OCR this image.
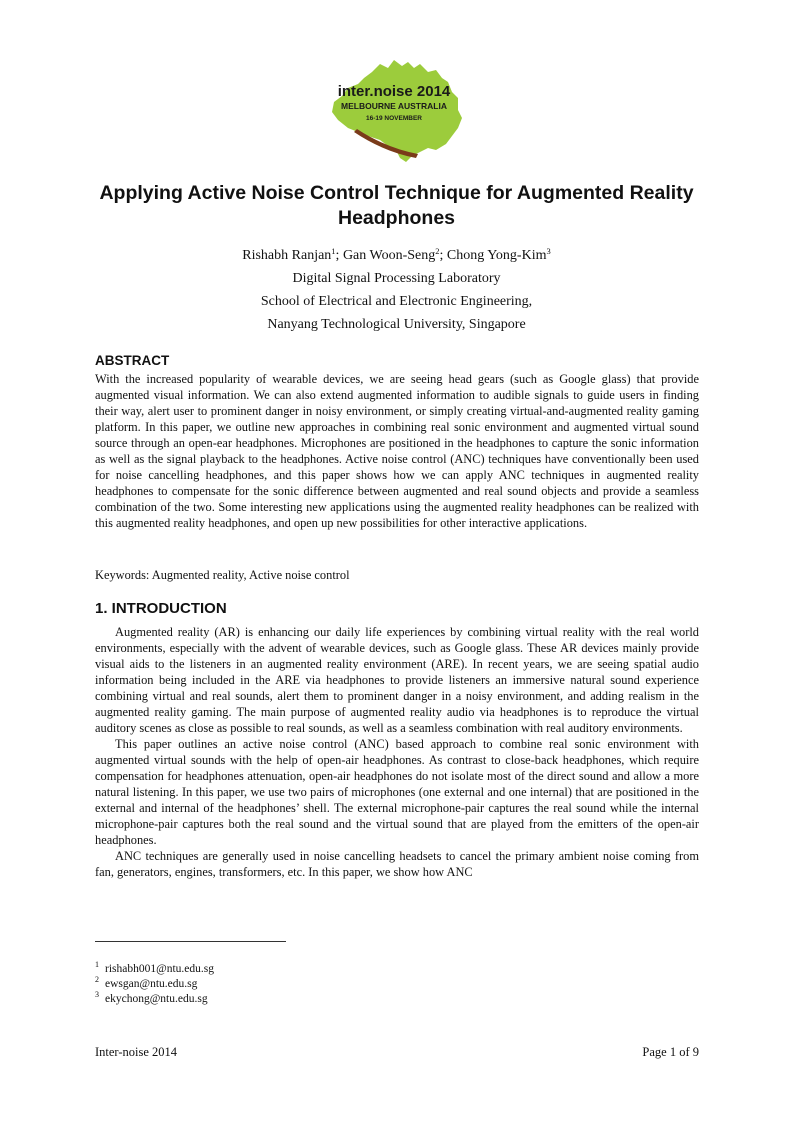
inter.noise 2014
MELBOURNE AUSTRALIA
16-19 NOVEMBER
Applying Active Noise Control Technique for Augmented Reality Headphones
Rishabh Ranjan$^1$; Gan Woon-Seng$^2$; Chong Yong-Kim$^3$
Digital Signal Processing Laboratory
School of Electrical and Electronic Engineering,
Nanyang Technological University, Singapore
ABSTRACT

With the increased popularity of wearable devices, we are seeing head gears (such as Google glass) that provide augmented visual information. We can also extend augmented information to audible signals to guide users in finding their way, alert user to prominent danger in noisy environment, or simply creating virtual-and-augmented reality gaming platform. In this paper, we outline new approaches in combining real sonic environment and augmented virtual sound source through an open-ear headphones. Microphones are positioned in the headphones to capture the sonic information as well as the signal playback to the headphones. Active noise control (ANC) techniques have conventionally been used for noise cancelling headphones, and this paper shows how we can apply ANC techniques in augmented reality headphones to compensate for the sonic difference between augmented and real sound objects and provide a seamless combination of the two. Some interesting new applications using the augmented reality headphones can be realized with this augmented reality headphones, and open up new possibilities for other interactive applications.

Keywords: Augmented reality, Active noise control

1. INTRODUCTION

Augmented reality (AR) is enhancing our daily life experiences by combining virtual reality with the real world environments, especially with the advent of wearable devices, such as Google glass. These AR devices mainly provide visual aids to the listeners in an augmented reality environment (ARE). In recent years, we are seeing spatial audio information being included in the ARE via headphones to provide listeners an immersive natural sound experience combining virtual and real sounds, alert them to prominent danger in a noisy environment, and adding realism in the augmented reality gaming. The main purpose of augmented reality audio via headphones is to reproduce the virtual auditory scenes as close as possible to real sounds, as well as a seamless combination with real auditory environments.

This paper outlines an active noise control (ANC) based approach to combine real sonic environment with augmented virtual sounds with the help of open-air headphones. As contrast to close-back headphones, which require compensation for headphones attenuation, open-air headphones do not isolate most of the direct sound and allow a more natural listening. In this paper, we use two pairs of microphones (one external and one internal) that are positioned in the external and internal of the headphones’ shell. The external microphone-pair captures the real sound while the internal microphone-pair captures both the real sound and the virtual sound that are played from the emitters of the open-air headphones.

ANC techniques are generally used in noise cancelling headsets to cancel the primary ambient noise coming from fan, generators, engines, transformers, etc. In this paper, we show how ANC

$^1$ rishabh001@ntu.edu.sg
$^2$ ewsgan@ntu.edu.sg
$^3$ ekychong@ntu.edu.sg
Inter-noise 2014	Page 1 of 9
